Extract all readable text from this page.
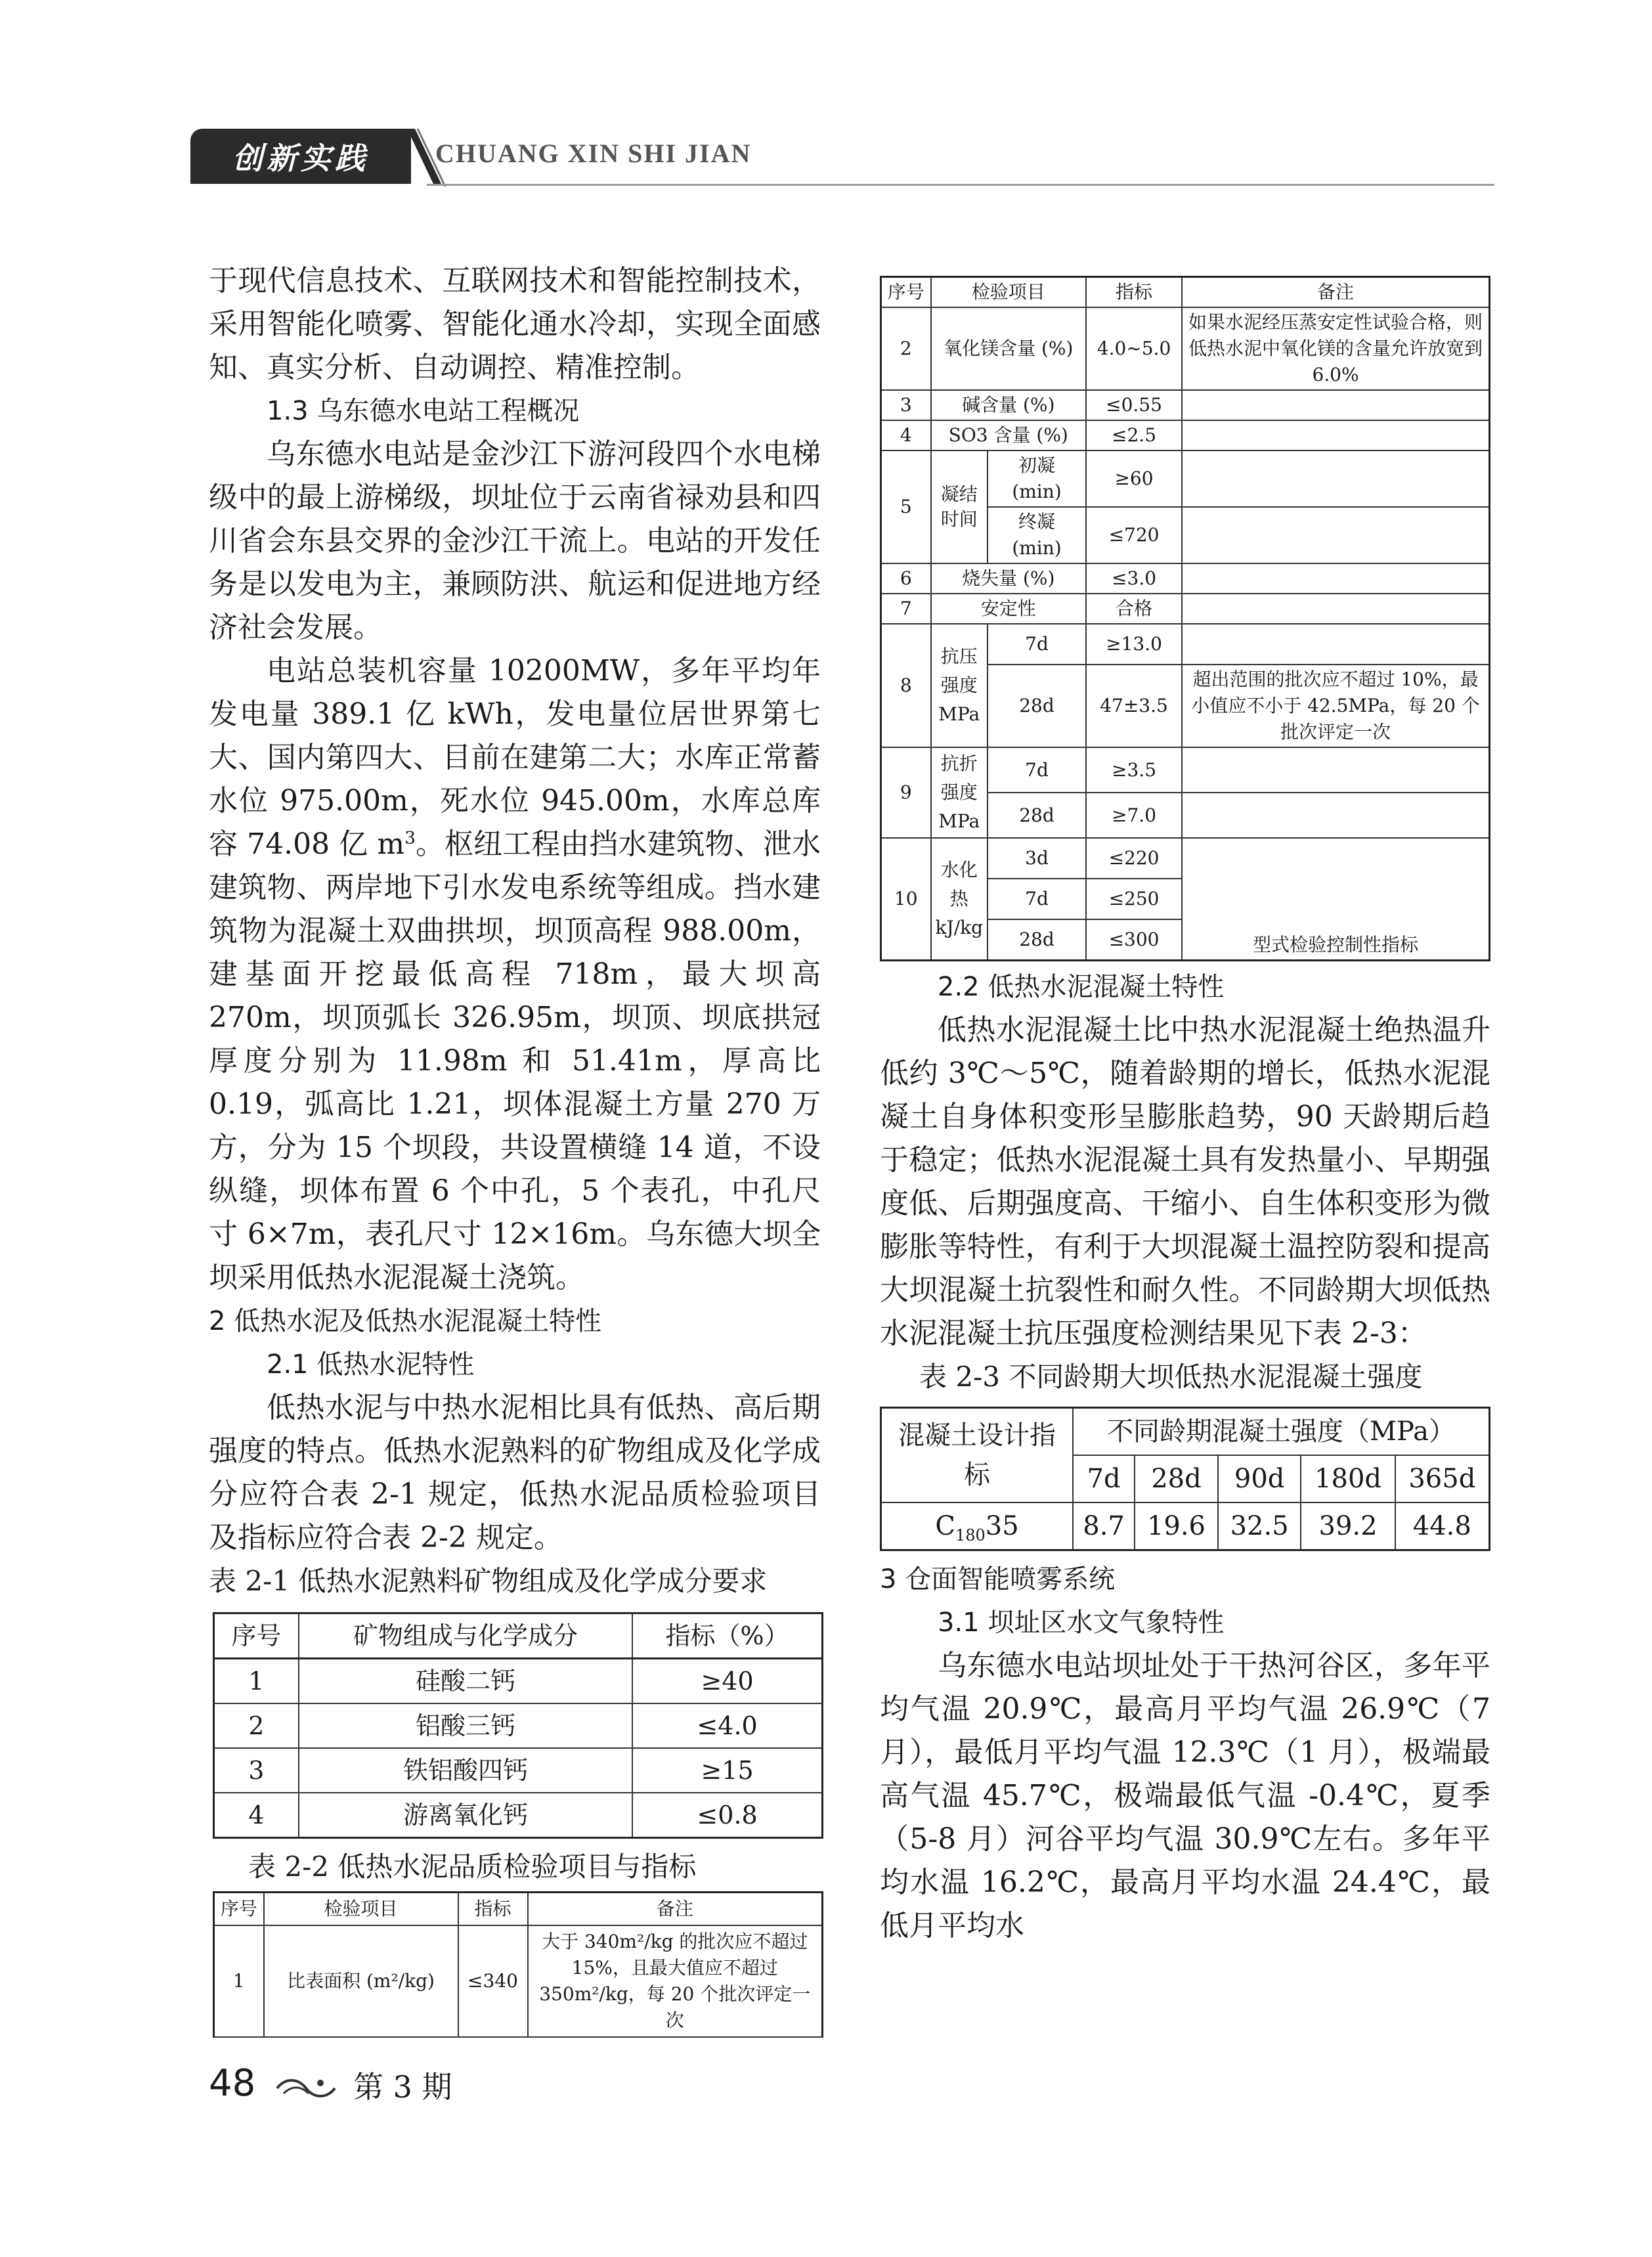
创新实践	CHUANG XIN SHI JIAN

于现代信息技术、互联网技术和智能控制技术，采用智能化喷雾、智能化通水冷却，实现全面感知、真实分析、自动调控、精准控制。

1.3 乌东德水电站工程概况

乌东德水电站是金沙江下游河段四个水电梯级中的最上游梯级，坝址位于云南省禄劝县和四川省会东县交界的金沙江干流上。电站的开发任务是以发电为主，兼顾防洪、航运和促进地方经济社会发展。

电站总装机容量 10200MW，多年平均年发电量 389.1 亿 kWh，发电量位居世界第七大、国内第四大、目前在建第二大；水库正常蓄水位 975.00m，死水位 945.00m，水库总库容 74.08 亿 $m^3$。枢纽工程由挡水建筑物、泄水建筑物、两岸地下引水发电系统等组成。挡水建筑物为混凝土双曲拱坝，坝顶高程 988.00m，建基面开挖最低高程 718m，最大坝高 270m，坝顶弧长 326.95m，坝顶、坝底拱冠厚度分别为 11.98m 和 51.41m，厚高比 0.19，弧高比 1.21，坝体混凝土方量 270 万方，分为 15 个坝段，共设置横缝 14 道，不设纵缝，坝体布置 6 个中孔，5 个表孔，中孔尺寸 6×7m，表孔尺寸 12×16m。乌东德大坝全坝采用低热水泥混凝土浇筑。

2 低热水泥及低热水泥混凝土特性
2.1 低热水泥特性

低热水泥与中热水泥相比具有低热、高后期强度的特点。低热水泥熟料的矿物组成及化学成分应符合表 2-1 规定，低热水泥品质检验项目及指标应符合表 2-2 规定。

表 2-1 低热水泥熟料矿物组成及化学成分要求
序号	矿物组成与化学成分	指标（%）
1	硅酸二钙	≥40
2	铝酸三钙	≤4.0
3	铁铝酸四钙	≥15
4	游离氧化钙	≤0.8
表 2-2 低热水泥品质检验项目与指标
序号	检验项目	指标	备注
1	比表面积 (m²/kg)	≤340	大于 340m²/kg 的批次应不超过 15%，且最大值应不超过 350m²/kg，每 20 个批次评定一次
序号	检验项目		指标	备注
2	氧化镁含量 (%)		4.0~5.0	如果水泥经压蒸安定性试验合格，则低热水泥中氧化镁的含量允许放宽到 6.0%
3	碱含量 (%)		≤0.55	
4	SO3 含量 (%)		≤2.5	
5	凝结时间	初凝 (min)	≥60	
		终凝 (min)	≤720	
6	烧失量 (%)		≤3.0	
7	安定性		合格	
8	抗压强度MPa	7d	≥13.0	
		28d	47±3.5	超出范围的批次应不超过 10%，最小值应不小于 42.5MPa，每 20 个批次评定一次
9	抗折强度MPa	7d	≥3.5	
		28d	≥7.0	
10	水化热kJ/kg	3d	≤220	型式检验控制性指标
		7d	≤250	
		28d	≤300	
2.2 低热水泥混凝土特性

低热水泥混凝土比中热水泥混凝土绝热温升低约 3℃～5℃，随着龄期的增长，低热水泥混凝土自身体积变形呈膨胀趋势，90 天龄期后趋于稳定；低热水泥混凝土具有发热量小、早期强度低、后期强度高、干缩小、自生体积变形为微膨胀等特性，有利于大坝混凝土温控防裂和提高大坝混凝土抗裂性和耐久性。不同龄期大坝低热水泥混凝土抗压强度检测结果见下表 2-3：

表 2-3 不同龄期大坝低热水泥混凝土强度
混凝土设计指标	不同龄期混凝土强度（MPa）				
	7d	28d	90d	180d	365d
$C_{180}35$	8.7	19.6	32.5	39.2	44.8
3 仓面智能喷雾系统
3.1 坝址区水文气象特性

乌东德水电站坝址处于干热河谷区，多年平均气温 20.9℃，最高月平均气温 26.9℃（7 月），最低月平均气温 12.3℃（1 月），极端最高气温 45.7℃，极端最低气温 -0.4℃，夏季（5-8 月）河谷平均气温 30.9℃左右。多年平均水温 16.2℃，最高月平均水温 24.4℃，最低月平均水

48	第 3 期
